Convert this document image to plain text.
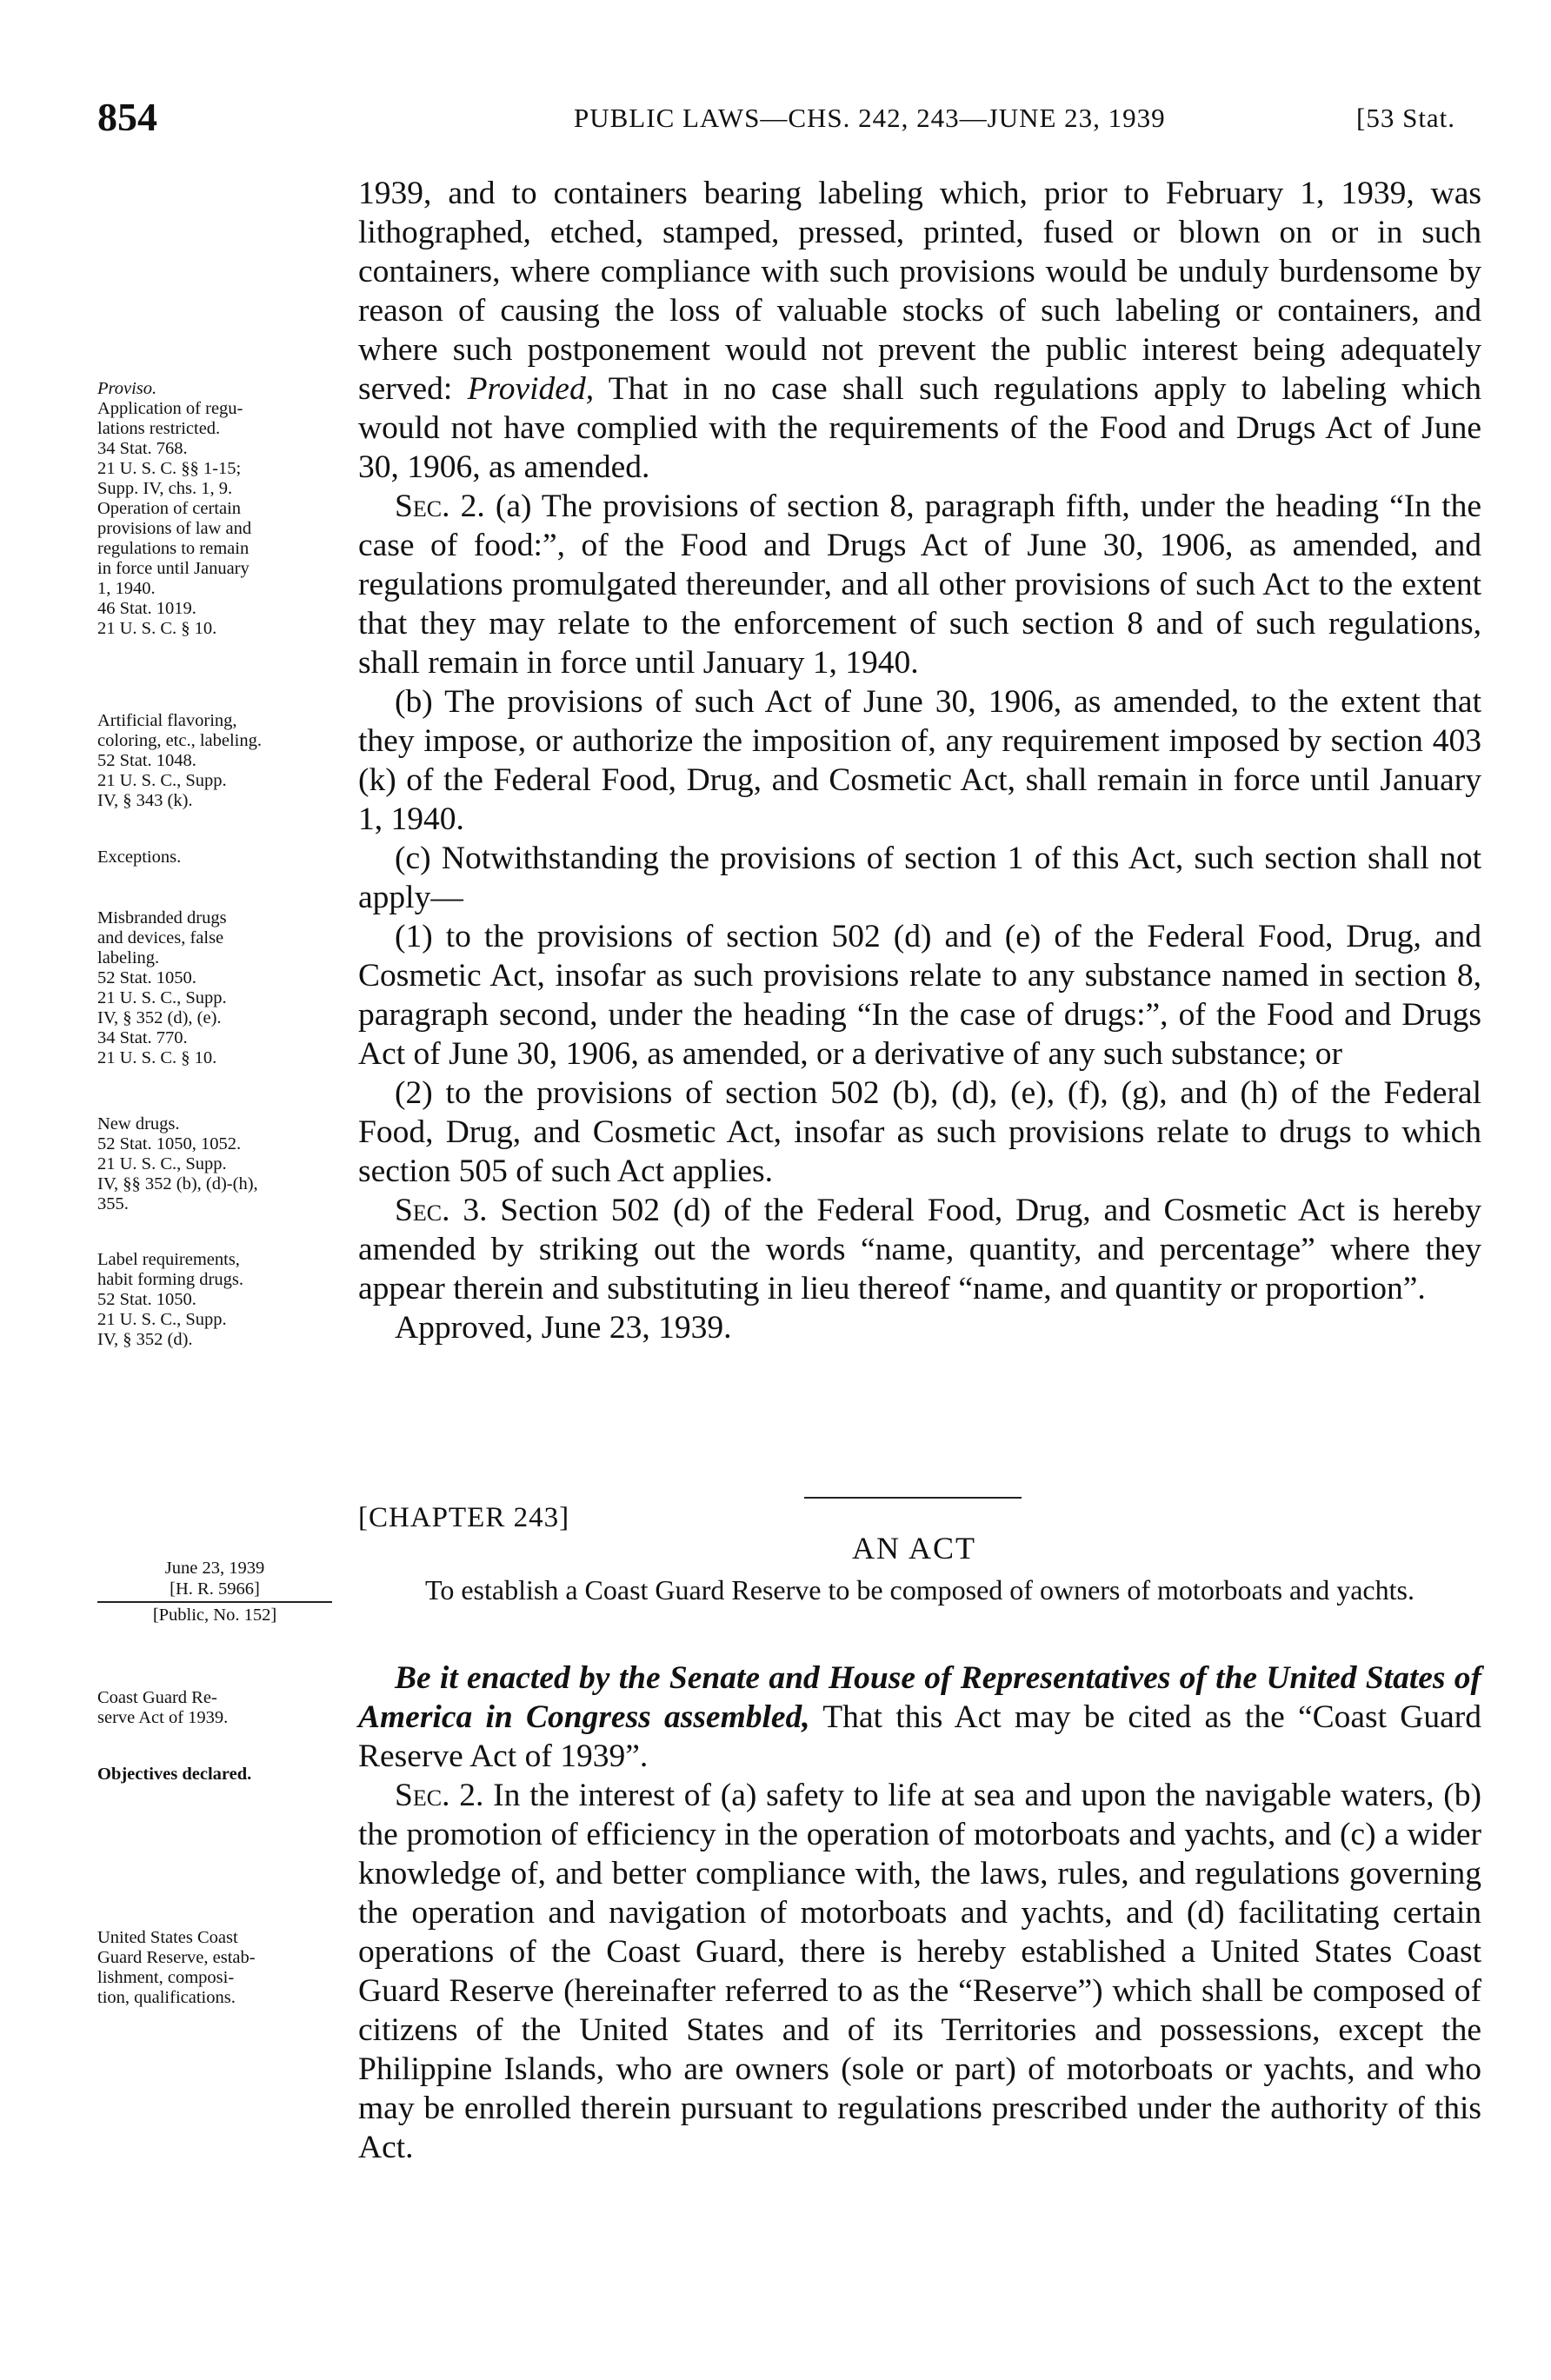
854	PUBLIC LAWS—CHS. 242, 243—JUNE 23, 1939	[53 Stat.

1939, and to containers bearing labeling which, prior to February 1, 1939, was lithographed, etched, stamped, pressed, printed, fused or blown on or in such containers, where compliance with such provisions would be unduly burdensome by reason of causing the loss of valuable stocks of such labeling or containers, and where such postponement would not prevent the public interest being adequately served: Provided, That in no case shall such regulations apply to labeling which would not have complied with the requirements of the Food and Drugs Act of June 30, 1906, as amended.

Sec. 2. (a) The provisions of section 8, paragraph fifth, under the heading “In the case of food:”, of the Food and Drugs Act of June 30, 1906, as amended, and regulations promulgated thereunder, and all other provisions of such Act to the extent that they may relate to the enforcement of such section 8 and of such regulations, shall remain in force until January 1, 1940.

(b) The provisions of such Act of June 30, 1906, as amended, to the extent that they impose, or authorize the imposition of, any requirement imposed by section 403 (k) of the Federal Food, Drug, and Cosmetic Act, shall remain in force until January 1, 1940.

(c) Notwithstanding the provisions of section 1 of this Act, such section shall not apply—

(1) to the provisions of section 502 (d) and (e) of the Federal Food, Drug, and Cosmetic Act, insofar as such provisions relate to any substance named in section 8, paragraph second, under the heading “In the case of drugs:”, of the Food and Drugs Act of June 30, 1906, as amended, or a derivative of any such substance; or

(2) to the provisions of section 502 (b), (d), (e), (f), (g), and (h) of the Federal Food, Drug, and Cosmetic Act, insofar as such provisions relate to drugs to which section 505 of such Act applies.

Sec. 3. Section 502 (d) of the Federal Food, Drug, and Cosmetic Act is hereby amended by striking out the words “name, quantity, and percentage” where they appear therein and substituting in lieu thereof “name, and quantity or proportion”.

Approved, June 23, 1939.

Proviso.
Application of regu-
lations restricted.
34 Stat. 768.
21 U. S. C. §§ 1-15;
Supp. IV, chs. 1, 9.
Operation of certain
provisions of law and
regulations to remain
in force until January
1, 1940.
46 Stat. 1019.
21 U. S. C. § 10.
Artificial flavoring,
coloring, etc., labeling.
52 Stat. 1048.
21 U. S. C., Supp.
IV, § 343 (k).
Exceptions.
Misbranded drugs
and devices, false
labeling.
52 Stat. 1050.
21 U. S. C., Supp.
IV, § 352 (d), (e).
34 Stat. 770.
21 U. S. C. § 10.
New drugs.
52 Stat. 1050, 1052.
21 U. S. C., Supp.
IV, §§ 352 (b), (d)-(h),
355.
Label requirements,
habit forming drugs.
52 Stat. 1050.
21 U. S. C., Supp.
IV, § 352 (d).
[CHAPTER 243]
AN ACT
To establish a Coast Guard Reserve to be composed of owners of motorboats and yachts.
June 23, 1939
[H. R. 5966]
[Public, No. 152]

Be it enacted by the Senate and House of Representatives of the United States of America in Congress assembled, That this Act may be cited as the “Coast Guard Reserve Act of 1939”.

Sec. 2. In the interest of (a) safety to life at sea and upon the navigable waters, (b) the promotion of efficiency in the operation of motorboats and yachts, and (c) a wider knowledge of, and better compliance with, the laws, rules, and regulations governing the operation and navigation of motorboats and yachts, and (d) facilitating certain operations of the Coast Guard, there is hereby established a United States Coast Guard Reserve (hereinafter referred to as the “Reserve”) which shall be composed of citizens of the United States and of its Territories and possessions, except the Philippine Islands, who are owners (sole or part) of motorboats or yachts, and who may be enrolled therein pursuant to regulations prescribed under the authority of this Act.

Coast Guard Re-
serve Act of 1939.
Objectives declared.
United States Coast
Guard Reserve, estab-
lishment, composi-
tion, qualifications.
